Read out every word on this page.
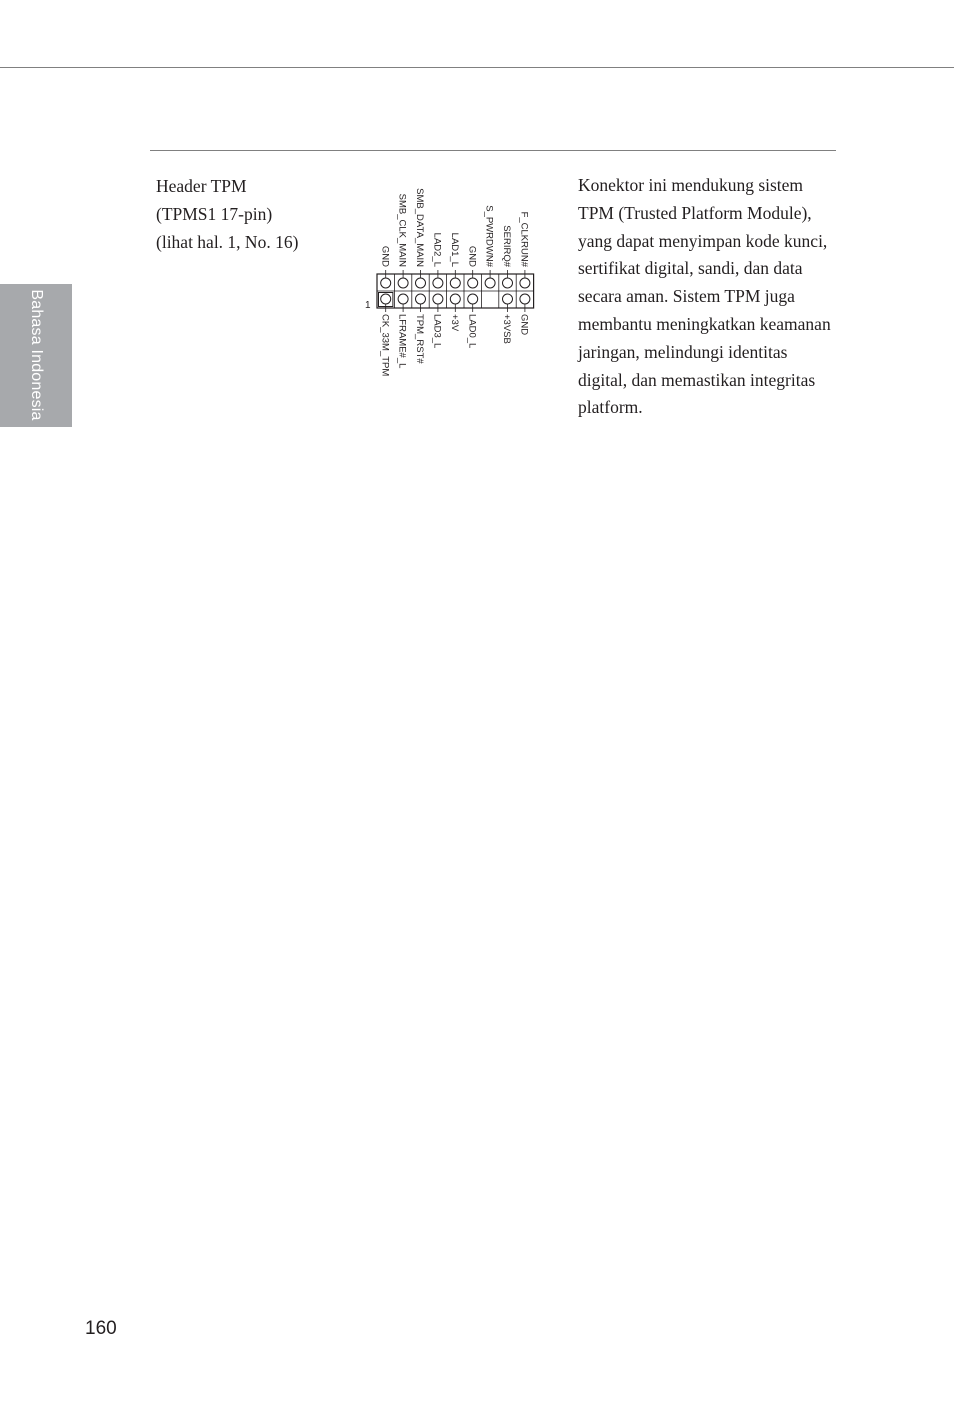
Bahasa Indonesia
Header TPM
(TPMS1 17-pin)
(lihat hal. 1, No. 16)
GND SMB_CLK_MAIN SMB_DATA_MAIN LAD2_L LAD1_L GND S_PWRDWN# SERIRQ# F_CLKRUN#
CK_33M_TPM LFRAME#_L TPM_RST# LAD3_L +3V LAD0_L	+3VSB GND
1

Konektor ini mendukung sistem TPM (Trusted Platform Module), yang dapat menyimpan kode kunci, sertifikat digital, sandi, dan data secara aman. Sistem TPM juga membantu meningkatkan keamanan jaringan, melindungi identitas digital, dan memastikan integritas platform.

160
